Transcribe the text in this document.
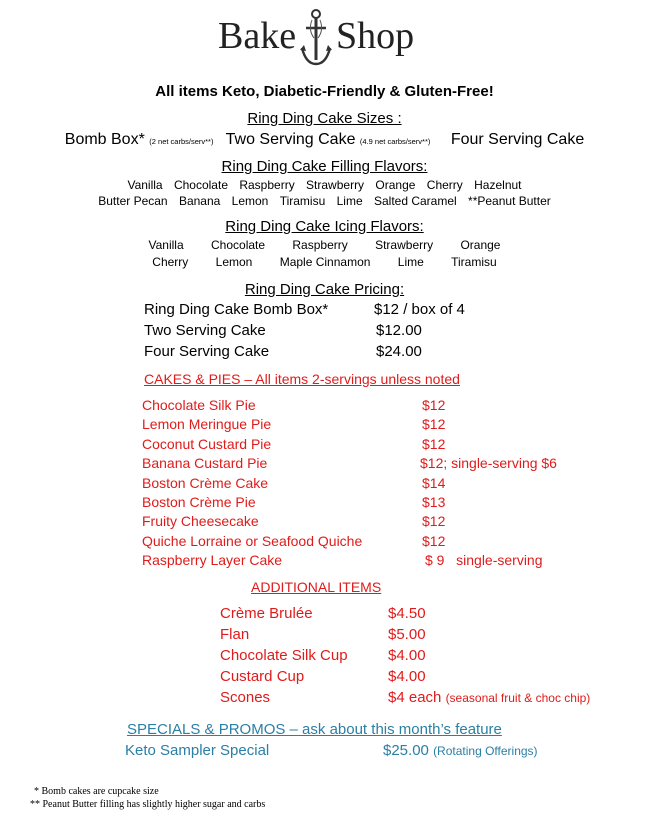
Bake Shop
All items Keto, Diabetic-Friendly & Gluten-Free!
Ring Ding Cake Sizes :
Bomb Box* (2 net carbs/serv**) Two Serving Cake (4.9 net carbs/serv**) Four Serving Cake
Ring Ding Cake Filling Flavors:
Vanilla Chocolate Raspberry Strawberry Orange Cherry Hazelnut
Butter Pecan Banana Lemon Tiramisu Lime Salted Caramel **Peanut Butter
Ring Ding Cake Icing Flavors:
Vanilla Chocolate Raspberry Strawberry Orange
Cherry Lemon Maple Cinnamon Lime Tiramisu
Ring Ding Cake Pricing:
Ring Ding Cake Bomb Box*	$12 / box of 4
Two Serving Cake	$12.00
Four Serving Cake	$24.00
CAKES & PIES – All items 2-servings unless noted
Chocolate Silk Pie	$12
Lemon Meringue Pie	$12
Coconut Custard Pie	$12
Banana Custard Pie	$12; single-serving $6
Boston Crème Cake	$14
Boston Crème Pie	$13
Fruity Cheesecake	$12
Quiche Lorraine or Seafood Quiche	$12
Raspberry Layer Cake	$ 9   single-serving
ADDITIONAL ITEMS
Crème Brulée	$4.50
Flan	$5.00
Chocolate Silk Cup	$4.00
Custard Cup	$4.00
Scones	$4 each (seasonal fruit & choc chip)
SPECIALS & PROMOS – ask about this month’s feature
Keto Sampler Special	$25.00 (Rotating Offerings)
* Bomb cakes are cupcake size
** Peanut Butter filling has slightly higher sugar and carbs
